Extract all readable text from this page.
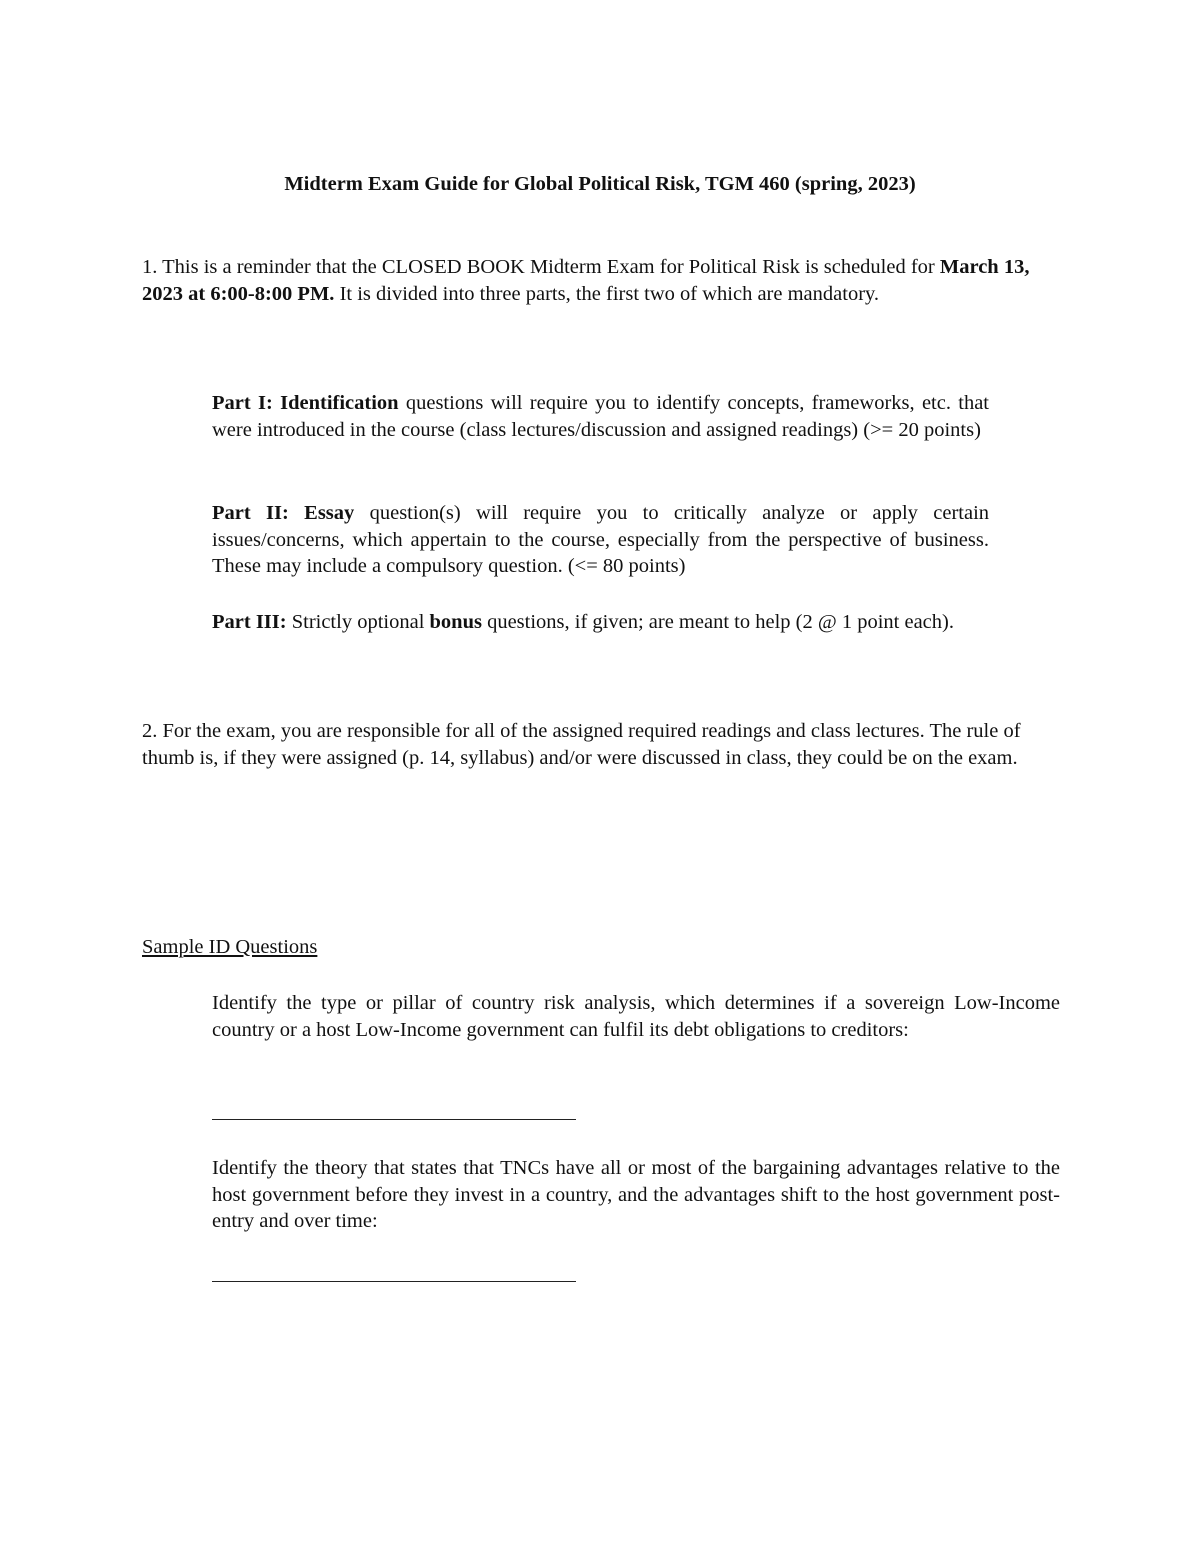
Midterm Exam Guide for Global Political Risk, TGM 460 (spring, 2023)
1. This is a reminder that the CLOSED BOOK Midterm Exam for Political Risk is scheduled for March 13, 2023 at 6:00-8:00 PM. It is divided into three parts, the first two of which are mandatory.
Part I: Identification questions will require you to identify concepts, frameworks, etc. that were introduced in the course (class lectures/discussion and assigned readings) (>= 20 points)
Part II: Essay question(s) will require you to critically analyze or apply certain issues/concerns, which appertain to the course, especially from the perspective of business. These may include a compulsory question. (<= 80 points)
Part III: Strictly optional bonus questions, if given; are meant to help (2 @ 1 point each).
2. For the exam, you are responsible for all of the assigned required readings and class lectures. The rule of thumb is, if they were assigned (p. 14, syllabus) and/or were discussed in class, they could be on the exam.
Sample ID Questions
Identify the type or pillar of country risk analysis, which determines if a sovereign Low-Income country or a host Low-Income government can fulfil its debt obligations to creditors:
Identify the theory that states that TNCs have all or most of the bargaining advantages relative to the host government before they invest in a country, and the advantages shift to the host government post-entry and over time:
